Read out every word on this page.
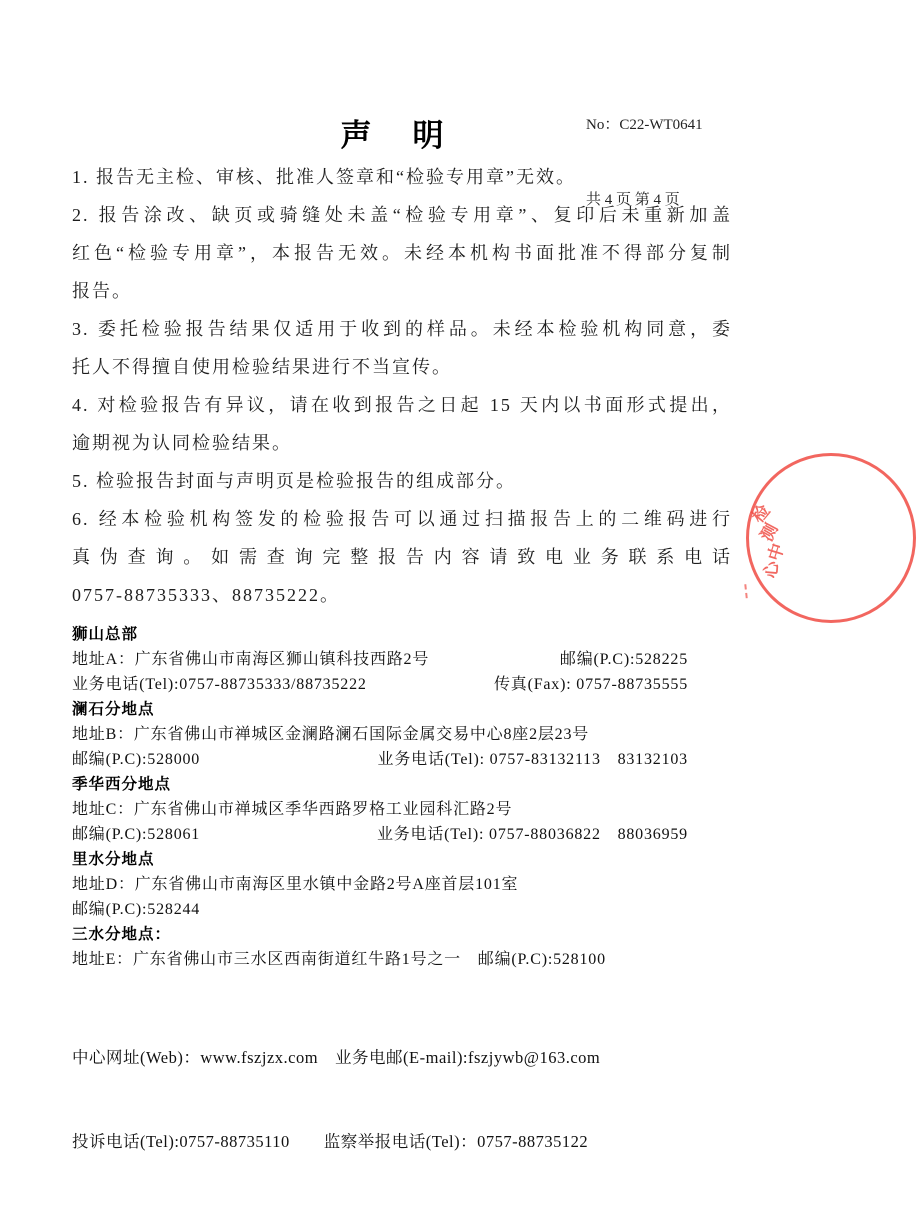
No：C22-WT0641

共 4 页 第 4 页

声　明
1. 报告无主检、审核、批准人签章和“检验专用章”无效。
2. 报告涂改、缺页或骑缝处未盖“检验专用章”、复印后未重新加盖
红色“检验专用章”，本报告无效。未经本机构书面批准不得部分复制
报告。
3. 委托检验报告结果仅适用于收到的样品。未经本检验机构同意，委
托人不得擅自使用检验结果进行不当宣传。
4. 对检验报告有异议，请在收到报告之日起 15 天内以书面形式提出，
逾期视为认同检验结果。
5. 检验报告封面与声明页是检验报告的组成部分。
6. 经本检验机构签发的检验报告可以通过扫描报告上的二维码进行
真伪查询。如需查询完整报告内容请致电业务联系电话
0757-88735333、88735222。
狮山总部
地址A：广东省佛山市南海区狮山镇科技西路2号	邮编(P.C):528225
业务电话(Tel):0757-88735333/88735222	传真(Fax): 0757-88735555
澜石分地点
地址B：广东省佛山市禅城区金澜路澜石国际金属交易中心8座2层23号
邮编(P.C):528000	业务电话(Tel): 0757-83132113　83132103
季华西分地点
地址C：广东省佛山市禅城区季华西路罗格工业园科汇路2号
邮编(P.C):528061	业务电话(Tel): 0757-88036822　88036959
里水分地点
地址D：广东省佛山市南海区里水镇中金路2号A座首层101室
邮编(P.C):528244
三水分地点：
地址E：广东省佛山市三水区西南街道红牛路1号之一　邮编(P.C):528100

中心网址(Web)：www.fszjzx.com　业务电邮(E-mail):fszjywb@163.com

投诉电话(Tel):0757-88735110　　监察举报电话(Tel)：0757-88735122

检
测
中
心
